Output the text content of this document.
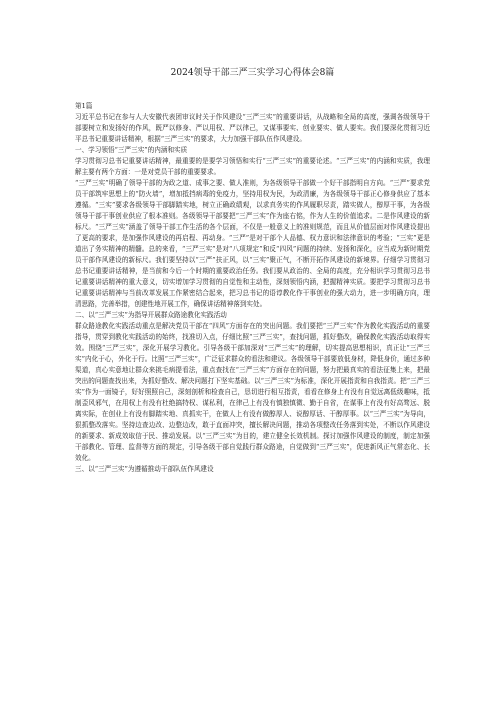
2024领导干部三严三实学习心得体会8篇

第1篇

习近平总书记在参与人大安徽代表团审议时关于作风建设“三严三实”的重要讲话，从战略和全局的高度，强调各级领导干部要树立和发扬好的作风，既严以修身、严以用权、严以律己，又谋事要实、创业要实、做人要实。我们要深化贯彻习近平总书记重要讲话精神，根据“三严三实”的要求，大力加强干部队伍作风建设。

一、学习领悟“三严三实”的内涵和实质

学习贯彻习总书记重要讲话精神，最重要的是要学习领悟和实行“三严三实”的重要论述。“三严三实”的内涵和实质，我理解主要有两个方面：一是对党员干部的重要要求。

“三严三实”明确了领导干部的为政之道、成事之要、做人准则，为各级领导干部做一个好干部指明自方向。“三严”要求党员干部筑牢思想上的“防火墙”，增加抵挡病毒的免疫力，坚持用权为民，为政清廉，为各级领导干部正心修身供应了基本遵循。“三实”要求各级领导干部脚踏实地，树立正确政绩观，以求真务实的作风履职尽责，踏实做人，醇厚干事，为各级领导干部干事创业供应了根本准则。各级领导干部要把“三严三实”作为座右铭，作为人生的价值追求。二是作风建设的新标尺。“三严三实”涵盖了领导干部工作生活的各个层面，不仅是一般意义上的准则规范，而且从价值层面对作风建设提出了更高的要求，是加强作风建设的再启程、再动身。“三严”是对干部个人品德、权力意识和法律意识的考验；“三实”更是道出了务实精神的精髓。总的来看，“三严三实”是对“八项规定”和反“四风”问题的持续、发扬和深化，应当成为新时期党员干部作风建设的新标尺。我们要坚持以“三严”扶正风，以“三实”聚正气，不断开拓作风建设的新境界。仔细学习贯彻习总书记重要讲话精神，是当前和今后一个时期的重要政治任务。我们要从政治的、全局的高度，充分相识学习贯彻习总书记重要讲话精神的重大意义，切实增加学习贯彻的自觉性和主动性，深刻领悟内涵，把握精神实质。要把学习贯彻习总书记重要讲话精神与当前改革发展工作紧密结合起来，把习总书记的语谆教化作干事创业的强大动力，进一步明确方向，理清思路，完善举措，创建性地开展工作，确保讲话精神落到实处。

二、以“三严三实”为指导开展群众路途教化实践活动

群众路途教化实践活动重点是解决党员干部在“四风”方面存在的突出问题。我们要把“三严三实”作为教化实践活动的重要指导，贯穿到教化实践活动的始终，找准切入点，仔细比照“三严三实”，查找问题，抓好整改，确保教化实践活动取得实效。围绕“三严三实”，深化开展学习教化。引导各级干部加深对“三严三实”的理解，切实提高思想相识，真正让“三严三实”内化于心，外化于行。比照“三严三实”，广泛征求群众的看法和建议。各级领导干部要放低身材，降低身价，通过多种渠道，真心实意地让群众来挑毛病提看法，重点查找在“三严三实”方面存在的问题，努力把最真实的看法征集上来，把最突出的问题查找出来，为抓好整改、解决问题打下坚实基础。以“三严三实”为标准，深化开展指责和自我指责。把“三严三实”作为一面镜子，好好照照自己，深刻剖析和检查自己，恳切进行相互指责，看看在修身上有没有自觉远离低级趣味，抵制歪风邪气，在用权上有没有杜绝搞特权、谋私利，在律己上有没有慎独慎微、勤于自省，在谋事上有没有好高骛远、脱离实际，在创业上有没有脚踏实地、真抓实干，在做人上有没有做醇厚人、说醇厚话、干醇厚事。以“三严三实”为导向，狠抓整改落实。坚持边查边改、边整边改，敢于直面冲突，擅长解决问题，推动各项整改任务落到实处，不断以作风建设的新要求、新成效取信于民、推动发展。以“三严三实”为目的，建立健全长效机制。探讨加强作风建设的制度，制定加强干部教化、管理、监督等方面的规定，引导各级干部自觉践行群众路途，自觉做到“三严三实”，促进新风正气常态化、长效化。

三、以“三严三实”为遵循推动干部队伍作风建设
